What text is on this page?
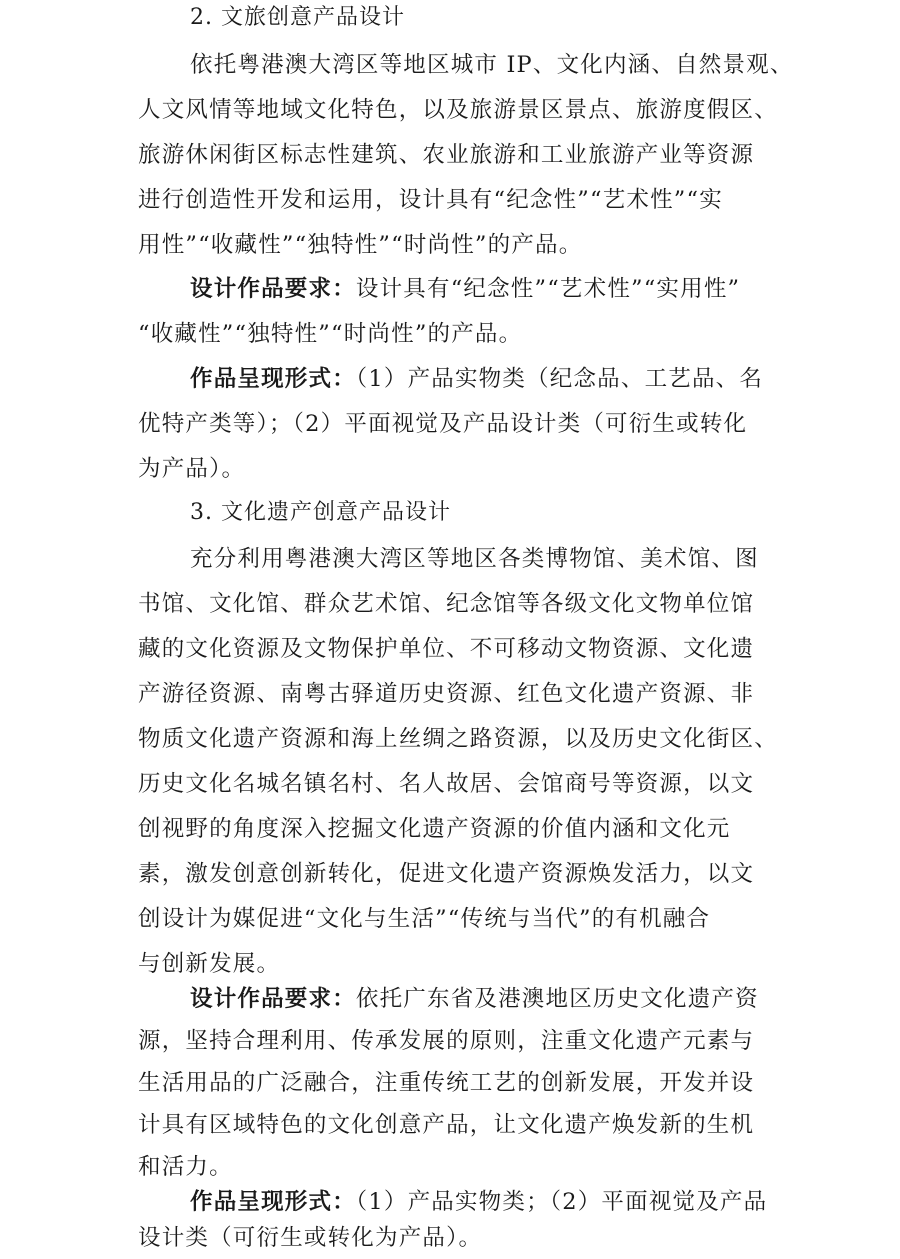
2. 文旅创意产品设计
依托粤港澳大湾区等地区城市 IP、文化内涵、自然景观、
人文风情等地域文化特色，以及旅游景区景点、旅游度假区、
旅游休闲街区标志性建筑、农业旅游和工业旅游产业等资源
进行创造性开发和运用，设计具有“纪念性”“艺术性”“实
用性”“收藏性”“独特性”“时尚性”的产品。
设计作品要求：设计具有“纪念性”“艺术性”“实用性”
“收藏性”“独特性”“时尚性”的产品。
作品呈现形式：（1）产品实物类（纪念品、工艺品、名
优特产类等）；（2）平面视觉及产品设计类（可衍生或转化
为产品）。
3. 文化遗产创意产品设计
充分利用粤港澳大湾区等地区各类博物馆、美术馆、图
书馆、文化馆、群众艺术馆、纪念馆等各级文化文物单位馆
藏的文化资源及文物保护单位、不可移动文物资源、文化遗
产游径资源、南粤古驿道历史资源、红色文化遗产资源、非
物质文化遗产资源和海上丝绸之路资源，以及历史文化街区、
历史文化名城名镇名村、名人故居、会馆商号等资源，以文
创视野的角度深入挖掘文化遗产资源的价值内涵和文化元
素，激发创意创新转化，促进文化遗产资源焕发活力，以文
创设计为媒促进“文化与生活”“传统与当代”的有机融合
与创新发展。
设计作品要求：依托广东省及港澳地区历史文化遗产资
源，坚持合理利用、传承发展的原则，注重文化遗产元素与
生活用品的广泛融合，注重传统工艺的创新发展，开发并设
计具有区域特色的文化创意产品，让文化遗产焕发新的生机
和活力。
作品呈现形式：（1）产品实物类；（2）平面视觉及产品
设计类（可衍生或转化为产品）。
